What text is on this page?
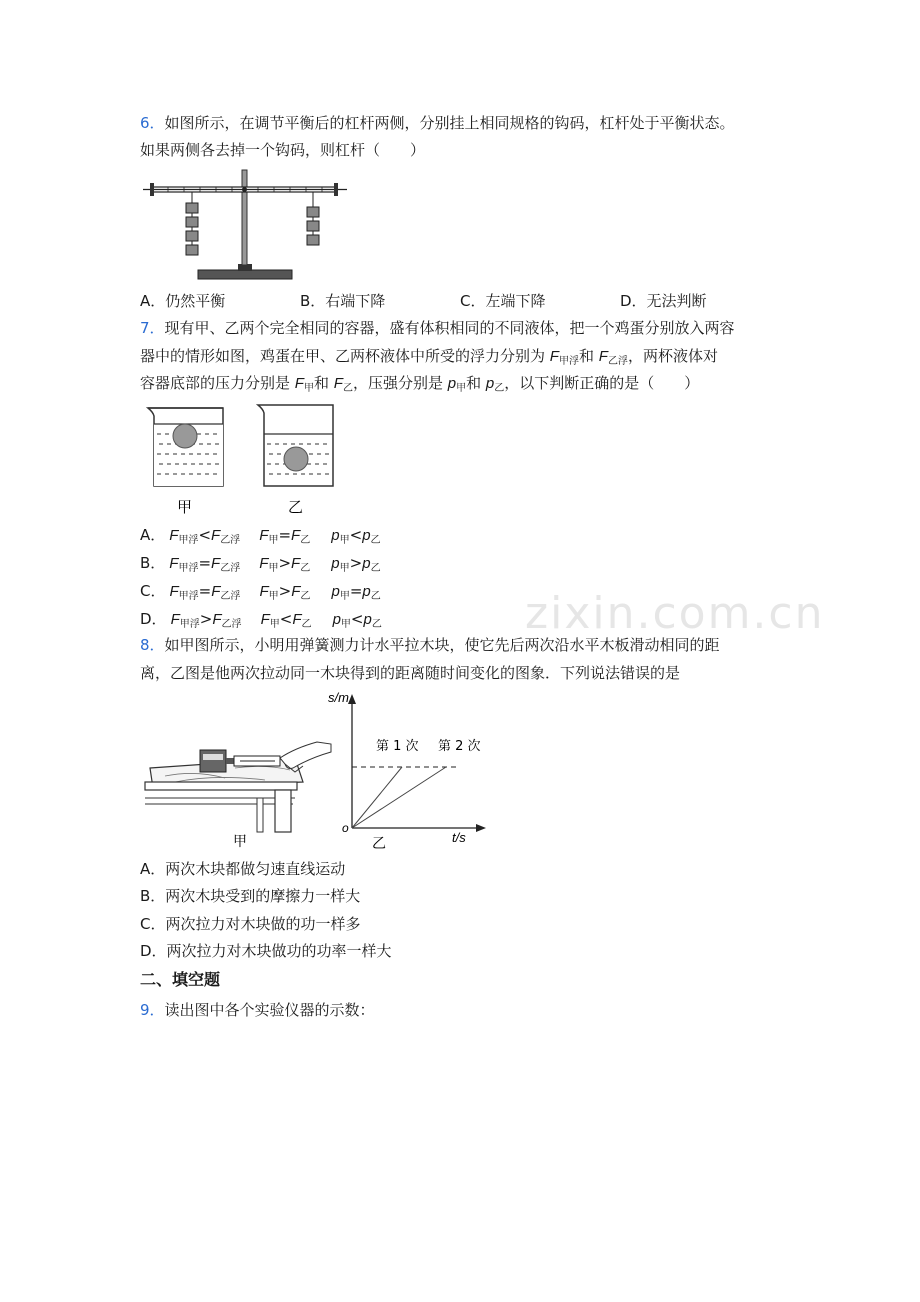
zixin.com.cn
6．如图所示，在调节平衡后的杠杆两侧，分别挂上相同规格的钩码，杠杆处于平衡状态。
如果两侧各去掉一个钩码，则杠杆（　　）
A．仍然平衡	B．右端下降	C．左端下降	D．无法判断
7．现有甲、乙两个完全相同的容器，盛有体积相同的不同液体，把一个鸡蛋分别放入两容
器中的情形如图，鸡蛋在甲、乙两杯液体中所受的浮力分别为 $F_{甲浮}$和 $F_{乙浮}$，两杯液体对
容器底部的压力分别是 $F_甲$和 $F_乙$，压强分别是 $p_甲$和 $p_乙$，以下判断正确的是（　　）
甲	乙
A． $F_{甲浮}<F_{乙浮}$ $F_甲=F_乙$ $p_甲<p_乙$
B． $F_{甲浮}=F_{乙浮}$ $F_甲>F_乙$ $p_甲>p_乙$
C． $F_{甲浮}=F_{乙浮}$ $F_甲>F_乙$ $p_甲=p_乙$
D． $F_{甲浮}>F_{乙浮}$ $F_甲<F_乙$ $p_甲<p_乙$
8．如甲图所示，小明用弹簧测力计水平拉木块，使它先后两次沿水平木板滑动相同的距
离，乙图是他两次拉动同一木块得到的距离随时间变化的图象．下列说法错误的是
甲
s/m
o
t/s
第 1 次 第 2 次
乙
A．两次木块都做匀速直线运动
B．两次木块受到的摩擦力一样大
C．两次拉力对木块做的功一样多
D．两次拉力对木块做功的功率一样大
二、填空题
9．读出图中各个实验仪器的示数：
